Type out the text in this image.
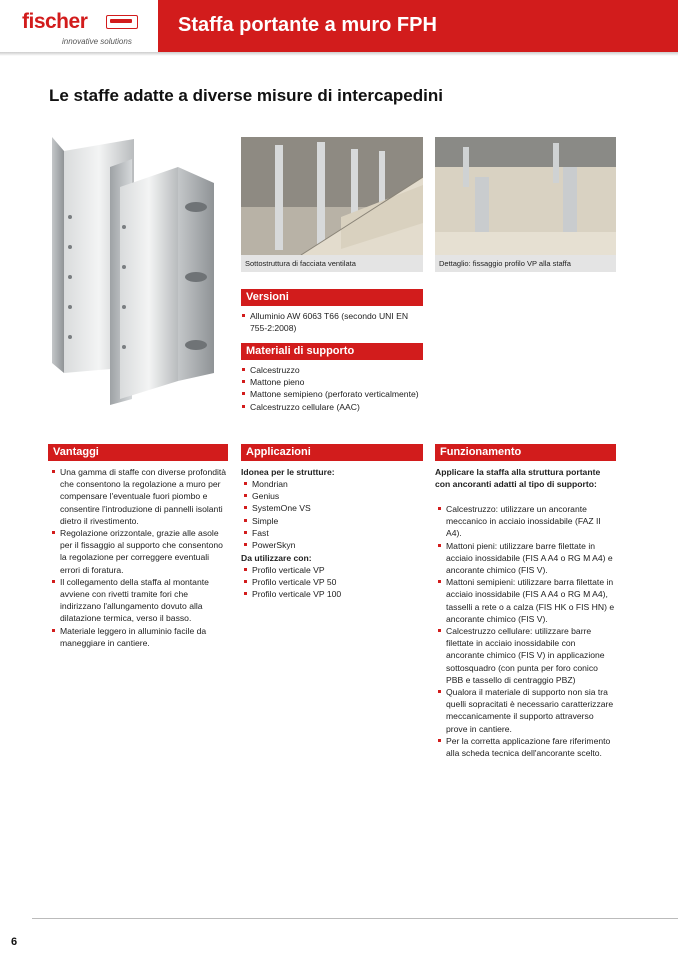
fischer
innovative solutions
Staffa portante a muro FPH
Le staffe adatte a diverse misure di intercapedini
Sottostruttura di facciata ventilata	Dettaglio: fissaggio profilo VP alla staffa
Versioni
Alluminio AW 6063 T66 (secondo UNI EN 755-2:2008)
Materiali di supporto
Calcestruzzo
Mattone pieno
Mattone semipieno (perforato verticalmente)
Calcestruzzo cellulare (AAC)
Vantaggi
Una gamma di staffe con diverse profondità che consentono la regolazione a muro per compensare l'eventuale fuori piombo e consentire l'introduzione di pannelli isolanti dietro il rivestimento.
Regolazione orizzontale, grazie alle asole per il fissaggio al supporto che consentono la regolazione per correggere eventuali errori di foratura.
Il collegamento della staffa al montante avviene con rivetti tramite fori che indirizzano l'allungamento dovuto alla dilatazione termica, verso il basso.
Materiale leggero in alluminio facile da maneggiare in cantiere.
Applicazioni
Idonea per le strutture:
Mondrian
Genius
SystemOne VS
Simple
Fast
PowerSkyn
Da utilizzare con:
Profilo verticale VP
Profilo verticale VP 50
Profilo verticale VP 100
Funzionamento
Applicare la staffa alla struttura portante con ancoranti adatti al tipo di supporto:
Calcestruzzo: utilizzare un ancorante meccanico in acciaio inossidabile (FAZ II A4).
Mattoni pieni: utilizzare barre filettate in acciaio inossidabile (FIS A A4 o RG M A4) e ancorante chimico (FIS V).
Mattoni semipieni: utilizzare barra filettate in acciaio inossidabile (FIS A A4 o RG M A4), tasselli a rete o a calza (FIS HK o FIS HN) e ancorante chimico (FIS V).
Calcestruzzo cellulare: utilizzare barre filettate in acciaio inossidabile con ancorante chimico (FIS V) in applicazione sottosquadro (con punta per foro conico PBB e tassello di centraggio PBZ)
Qualora il materiale di supporto non sia tra quelli sopracitati è necessario caratterizzare meccanicamente il supporto attraverso prove in cantiere.
Per la corretta applicazione fare riferimento alla scheda tecnica dell'ancorante scelto.
6
